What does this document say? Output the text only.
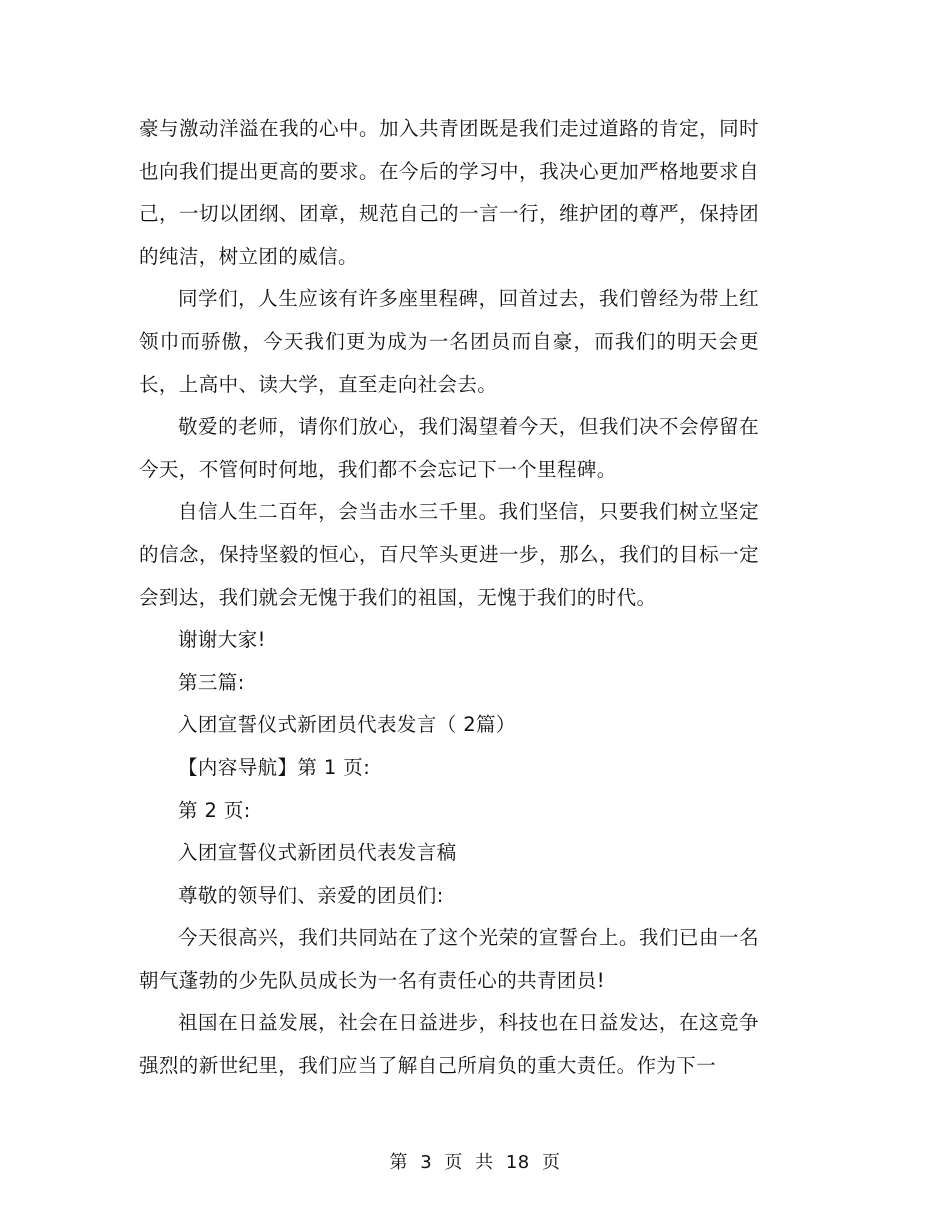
豪与激动洋溢在我的心中。加入共青团既是我们走过道路的肯定，同时也向我们提出更高的要求。在今后的学习中，我决心更加严格地要求自己，一切以团纲、团章，规范自己的一言一行，维护团的尊严，保持团的纯洁，树立团的威信。

同学们，人生应该有许多座里程碑，回首过去，我们曾经为带上红领巾而骄傲，今天我们更为成为一名团员而自豪，而我们的明天会更长，上高中、读大学，直至走向社会去。

敬爱的老师，请你们放心，我们渴望着今天，但我们决不会停留在今天，不管何时何地，我们都不会忘记下一个里程碑。

自信人生二百年，会当击水三千里。我们坚信，只要我们树立坚定的信念，保持坚毅的恒心，百尺竿头更进一步，那么，我们的目标一定会到达，我们就会无愧于我们的祖国，无愧于我们的时代。

谢谢大家!

第三篇:

入团宣誓仪式新团员代表发言（ 2篇）

【内容导航】第 1 页:

第 2 页:

入团宣誓仪式新团员代表发言稿

尊敬的领导们、亲爱的团员们:

今天很高兴，我们共同站在了这个光荣的宣誓台上。我们已由一名朝气蓬勃的少先队员成长为一名有责任心的共青团员!

祖国在日益发展，社会在日益进步，科技也在日益发达，在这竞争强烈的新世纪里，我们应当了解自己所肩负的重大责任。作为下一

第 3 页 共 18 页
